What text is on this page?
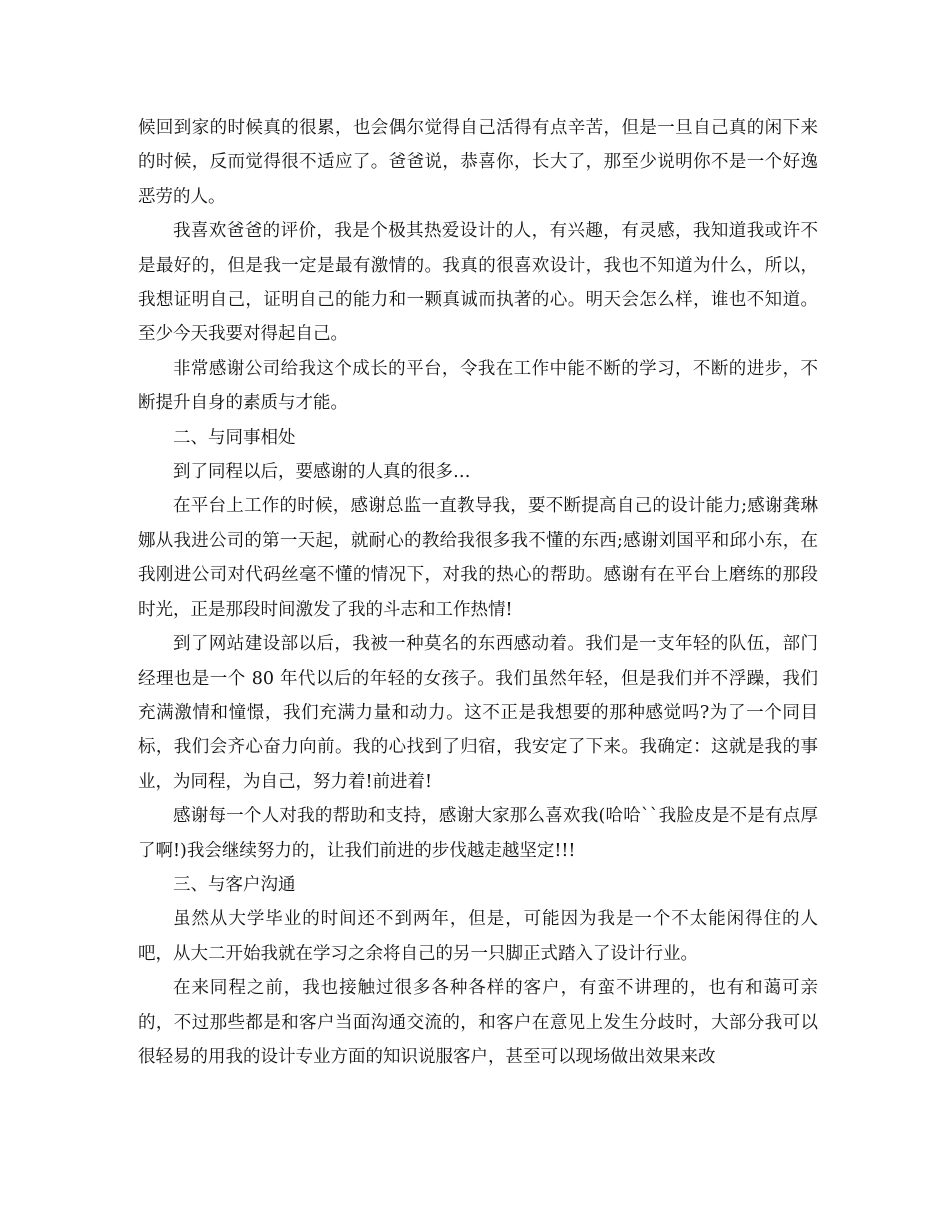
候回到家的时候真的很累，也会偶尔觉得自己活得有点辛苦，但是一旦自己真的闲下来的时候，反而觉得很不适应了。爸爸说，恭喜你，长大了，那至少说明你不是一个好逸恶劳的人。

我喜欢爸爸的评价，我是个极其热爱设计的人，有兴趣，有灵感，我知道我或许不是最好的，但是我一定是最有激情的。我真的很喜欢设计，我也不知道为什么，所以，我想证明自己，证明自己的能力和一颗真诚而执著的心。明天会怎么样，谁也不知道。至少今天我要对得起自己。

非常感谢公司给我这个成长的平台，令我在工作中能不断的学习，不断的进步，不断提升自身的素质与才能。

二、与同事相处

到了同程以后，要感谢的人真的很多…

在平台上工作的时候，感谢总监一直教导我，要不断提高自己的设计能力;感谢龚琳娜从我进公司的第一天起，就耐心的教给我很多我不懂的东西;感谢刘国平和邱小东，在我刚进公司对代码丝毫不懂的情况下，对我的热心的帮助。感谢有在平台上磨练的那段时光，正是那段时间激发了我的斗志和工作热情!

到了网站建设部以后，我被一种莫名的东西感动着。我们是一支年轻的队伍，部门经理也是一个 80 年代以后的年轻的女孩子。我们虽然年轻，但是我们并不浮躁，我们充满激情和憧憬，我们充满力量和动力。这不正是我想要的那种感觉吗?为了一个同目标，我们会齐心奋力向前。我的心找到了归宿，我安定了下来。我确定：这就是我的事业，为同程，为自己，努力着!前进着!

感谢每一个人对我的帮助和支持，感谢大家那么喜欢我(哈哈``我脸皮是不是有点厚了啊!)我会继续努力的，让我们前进的步伐越走越坚定!!!

三、与客户沟通

虽然从大学毕业的时间还不到两年，但是，可能因为我是一个不太能闲得住的人吧，从大二开始我就在学习之余将自己的另一只脚正式踏入了设计行业。

在来同程之前，我也接触过很多各种各样的客户，有蛮不讲理的，也有和蔼可亲的，不过那些都是和客户当面沟通交流的，和客户在意见上发生分歧时，大部分我可以很轻易的用我的设计专业方面的知识说服客户，甚至可以现场做出效果来改
